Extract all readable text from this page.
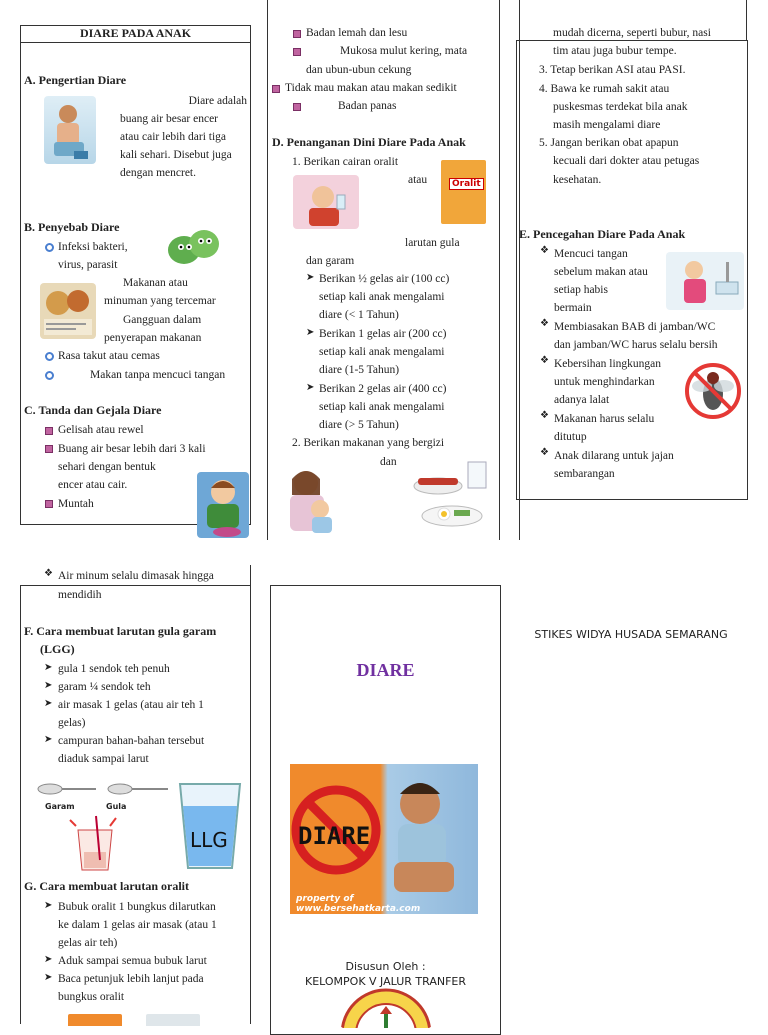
DIARE PADA ANAK
A. Pengertian Diare
Diare adalah
buang air besar encer
atau cair lebih dari tiga
kali sehari. Disebut juga
dengan mencret.
B. Penyebab Diare
Infeksi bakteri,
virus, parasit
Makanan atau
minuman yang tercemar
Gangguan dalam
penyerapan makanan
Rasa takut atau cemas
Makan tanpa mencuci tangan
C. Tanda dan Gejala Diare
Gelisah atau rewel
Buang air besar lebih dari 3 kali
sehari dengan bentuk
encer atau cair.
Muntah
Badan lemah dan lesu
Mukosa mulut kering, mata
dan ubun-ubun cekung
Tidak mau makan atau makan sedikit
Badan panas
D. Penanganan Dini Diare Pada Anak
1. Berikan cairan oralit
atau	Oralit
larutan gula
dan garam
➤ Berikan ½ gelas air (100 cc)
setiap kali anak mengalami
diare (< 1 Tahun)
➤ Berikan 1 gelas air (200 cc)
setiap kali anak mengalami
diare (1-5 Tahun)
➤ Berikan 2 gelas air (400 cc)
setiap kali anak mengalami
diare (> 5 Tahun)
2. Berikan makanan yang bergizi
dan
mudah dicerna, seperti bubur, nasi
tim atau juga bubur tempe.
3. Tetap berikan ASI atau PASI.
4. Bawa ke rumah sakit atau
puskesmas terdekat bila anak
masih mengalami diare
5. Jangan berikan obat apapun
kecuali dari dokter atau petugas
kesehatan.
E. Pencegahan Diare Pada Anak
❖ Mencuci tangan
sebelum makan atau
setiap habis
bermain
❖ Membiasakan BAB di jamban/WC
dan jamban/WC harus selalu bersih
❖ Kebersihan lingkungan
untuk menghindarkan
adanya lalat
❖ Makanan harus selalu
ditutup
❖ Anak dilarang untuk jajan
sembarangan
❖ Air minum selalu dimasak hingga
mendidih
F. Cara membuat larutan gula garam
(LGG)
➤ gula 1 sendok teh penuh
➤ garam ¼ sendok teh
➤ air masak 1 gelas (atau air teh 1
gelas)
➤ campuran bahan-bahan tersebut
diaduk sampai larut
Garam	Gula
LLG
G. Cara membuat larutan oralit
➤ Bubuk oralit 1 bungkus dilarutkan
ke dalam 1 gelas air masak (atau 1
gelas air teh)
➤ Aduk sampai semua bubuk larut
➤ Baca petunjuk lebih lanjut pada
bungkus oralit
DIARE
DIARE
property of www.bersehatkarta.com
Disusun Oleh :
KELOMPOK V JALUR TRANFER
STIKES WIDYA HUSADA SEMARANG
